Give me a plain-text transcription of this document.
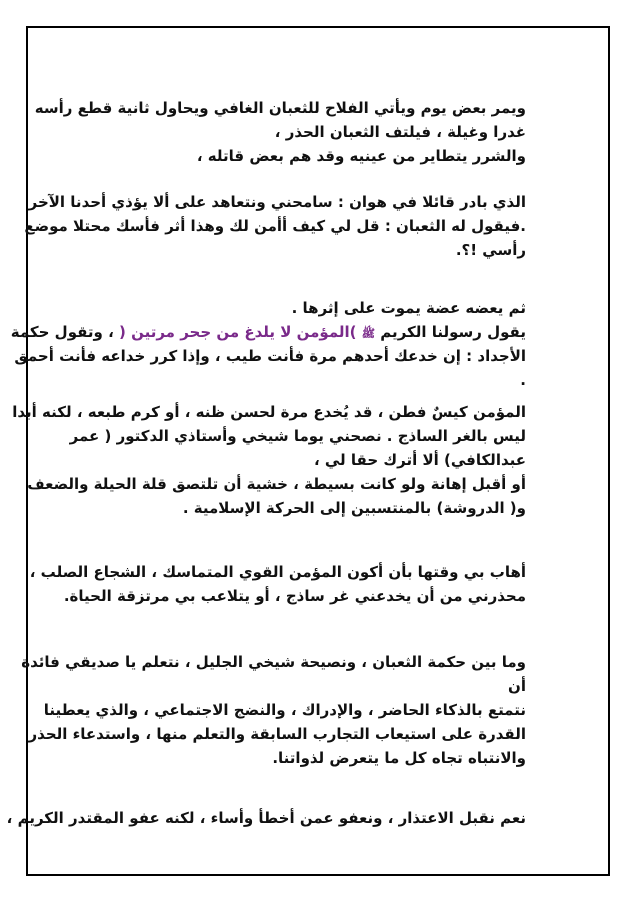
ويمر بعض يوم ويأتي الفلاح للثعبان الغافي ويحاول ثانية قطع رأسه
غدرا وغيلة ، فيلتف الثعبان الحذر ،
والشرر يتطاير من عينيه وقد هم بعض قاتله ،
الذي بادر قائلا في هوان : سامحني ونتعاهد على ألا يؤذي أحدنا الآخر
.فيقول له الثعبان : قل لي كيف أأمن لك وهذا أثر فأسك محتلا موضع
رأسي !؟.
ثم يعضه عضة يموت على إثرها .
يقول رسولنا الكريم ﷺ )المؤمن لا يلدغ من جحر مرتين ( ، وتقول حكمة
الأجداد : إن خدعك أحدهم مرة فأنت طيب ، وإذا كرر خداعه فأنت أحمق
.
المؤمن كيسٌ فطن ، قد يُخدع مرة لحسن ظنه ، أو كرم طبعه ، لكنه أبدا
ليس بالغر الساذج . نصحني يوما شيخي وأستاذي الدكتور ( عمر
عبدالكافي) ألا أترك حقا لي ،
أو أقبل إهانة ولو كانت بسيطة ، خشية أن تلتصق قلة الحيلة والضعف
و( الدروشة) بالمنتسبين إلى الحركة الإسلامية .
أهاب بي وقتها بأن أكون المؤمن القوي المتماسك ، الشجاع الصلب ،
محذرني من أن يخدعني غر ساذج ، أو يتلاعب بي مرتزقة الحياة.
وما بين حكمة الثعبان ، ونصيحة شيخي الجليل ، نتعلم يا صديقي فائدة
أن
نتمتع بالذكاء الحاضر ، والإدراك ، والنضج الاجتماعي ، والذي يعطينا
القدرة على استيعاب التجارب السابقة والتعلم منها ، واستدعاء الحذر
والانتباه تجاه كل ما يتعرض لذواتنا.
نعم نقبل الاعتذار ، ونعفو عمن أخطأ وأساء ، لكنه عفو المقتدر الكريم ،
